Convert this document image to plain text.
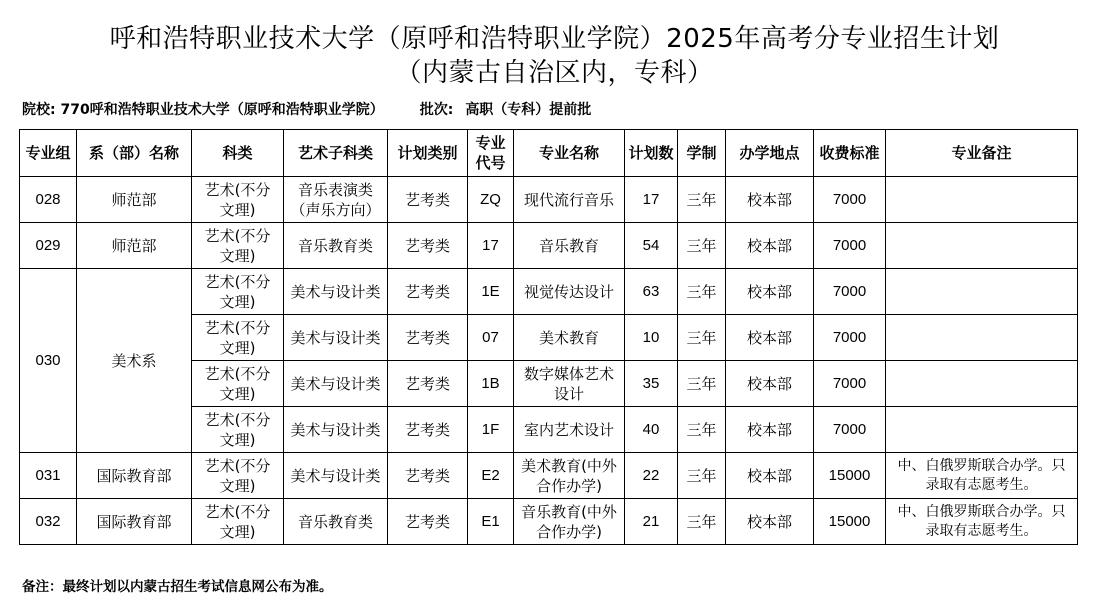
呼和浩特职业技术大学（原呼和浩特职业学院）2025年高考分专业招生计划
（内蒙古自治区内，专科）
院校: 770呼和浩特职业技术大学（原呼和浩特职业学院）	批次: 高职（专科）提前批
专业组	系（部）名称	科类	艺术子科类	计划类别	专业代号	专业名称	计划数	学制	办学地点	收费标准	专业备注
028	师范部	艺术(不分文理)	音乐表演类（声乐方向）	艺考类	ZQ	现代流行音乐	17	三年	校本部	7000	
029	师范部	艺术(不分文理)	音乐教育类	艺考类	17	音乐教育	54	三年	校本部	7000	
030	美术系	艺术(不分文理)	美术与设计类	艺考类	1E	视觉传达设计	63	三年	校本部	7000	
		艺术(不分文理)	美术与设计类	艺考类	07	美术教育	10	三年	校本部	7000	
		艺术(不分文理)	美术与设计类	艺考类	1B	数字媒体艺术设计	35	三年	校本部	7000	
		艺术(不分文理)	美术与设计类	艺考类	1F	室内艺术设计	40	三年	校本部	7000	
031	国际教育部	艺术(不分文理)	美术与设计类	艺考类	E2	美术教育(中外合作办学)	22	三年	校本部	15000	中、白俄罗斯联合办学。只录取有志愿考生。
032	国际教育部	艺术(不分文理)	音乐教育类	艺考类	E1	音乐教育(中外合作办学)	21	三年	校本部	15000	中、白俄罗斯联合办学。只录取有志愿考生。
备注：最终计划以内蒙古招生考试信息网公布为准。
